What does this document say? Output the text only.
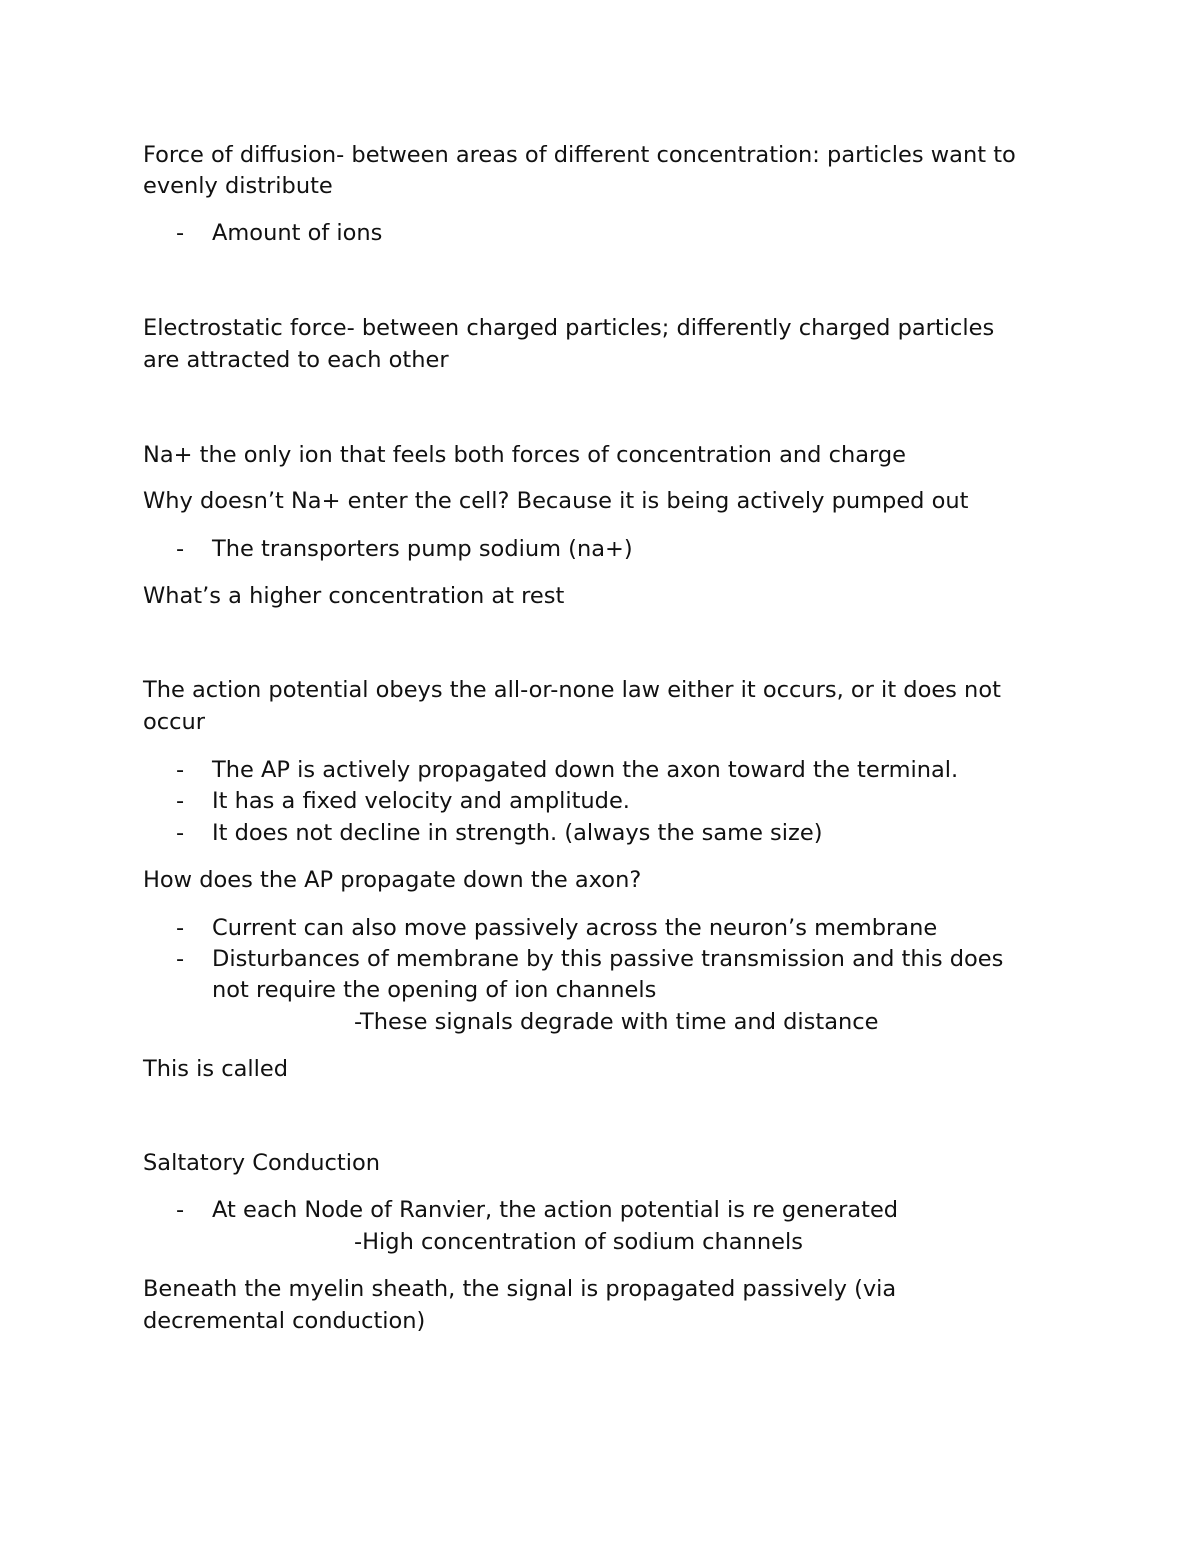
Force of diffusion- between areas of different concentration: particles want to
evenly distribute
- Amount of ions
Electrostatic force- between charged particles; differently charged particles
are attracted to each other
Na+ the only ion that feels both forces of concentration and charge
Why doesn’t Na+ enter the cell? Because it is being actively pumped out
- The transporters pump sodium (na+)
What’s a higher concentration at rest
The action potential obeys the all-or-none law either it occurs, or it does not
occur
- The AP is actively propagated down the axon toward the terminal.
- It has a fixed velocity and amplitude.
- It does not decline in strength. (always the same size)
How does the AP propagate down the axon?
- Current can also move passively across the neuron’s membrane
- Disturbances of membrane by this passive transmission and this does
not require the opening of ion channels
-These signals degrade with time and distance
This is called
Saltatory Conduction
- At each Node of Ranvier, the action potential is re generated
-High concentration of sodium channels
Beneath the myelin sheath, the signal is propagated passively (via
decremental conduction)
